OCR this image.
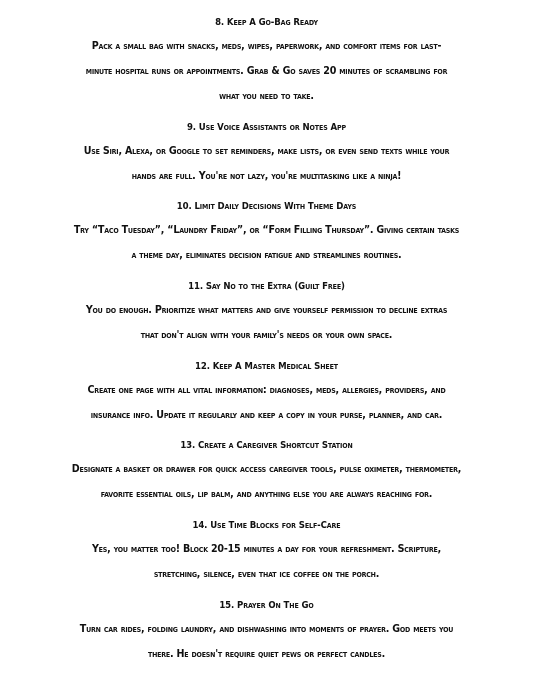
8. Keep A Go-Bag Ready

Pack a small bag with snacks, meds, wipes, paperwork, and comfort items for last-
minute hospital runs or appointments. Grab & Go saves 20 minutes of scrambling for
what you need to take.

9. Use Voice Assistants or Notes App

Use Siri, Alexa, or Google to set reminders, make lists, or even send texts while your
hands are full. You're not lazy, you're multitasking like a ninja!

10. Limit Daily Decisions With Theme Days

Try “Taco Tuesday”, “Laundry Friday”, or “Form Filling Thursday”. Giving certain tasks
a theme day, eliminates decision fatigue and streamlines routines.

11. Say No to the Extra (Guilt Free)

You do enough. Prioritize what matters and give yourself permission to decline extras
that don't align with your family's needs or your own space.

12. Keep A Master Medical Sheet

Create one page with all vital information: diagnoses, meds, allergies, providers, and
insurance info. Update it regularly and keep a copy in your purse, planner, and car.

13. Create a Caregiver Shortcut Station

Designate a basket or drawer for quick access caregiver tools, pulse oximeter, thermometer,
favorite essential oils, lip balm, and anything else you are always reaching for.

14. Use Time Blocks for Self-Care

Yes, you matter too! Block 20-15 minutes a day for your refreshment. Scripture,
stretching, silence, even that ice coffee on the porch.

15. Prayer On The Go

Turn car rides, folding laundry, and dishwashing into moments of prayer. God meets you
there. He doesn't require quiet pews or perfect candles.
